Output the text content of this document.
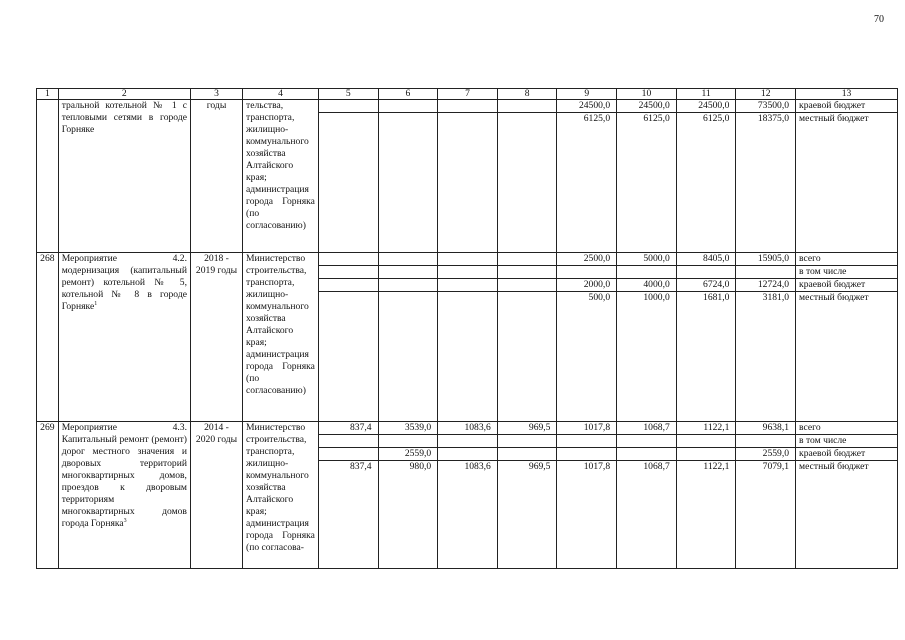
70
1	2	3	4	5	6	7	8	9	10	11	12	13
	тральной котельной № 1 с тепловыми сетями в городе Горняке	годы	тельства, транспорта, жилищно-коммунального хозяйства Алтайского края; администрация города Горняка (по согласованию)					24500,0	24500,0	24500,0	73500,0	краевой бюджет
								6125,0	6125,0	6125,0	18375,0	местный бюджет
268	Мероприятие 4.2. модернизация (капитальный ремонт) котельной № 5, котельной № 8 в городе Горняке$^1$	2018 - 2019 годы	Министерство строительства, транспорта, жилищно-коммунального хозяйства Алтайского края; администрация города Горняка (по согласованию)					2500,0	5000,0	8405,0	15905,0	всего
												в том числе
								2000,0	4000,0	6724,0	12724,0	краевой бюджет
								500,0	1000,0	1681,0	3181,0	местный бюджет
269	Мероприятие 4.3. Капитальный ремонт (ремонт) дорог местного значения и дворовых территорий многоквартирных домов, проездов к дворовым территориям многоквартирных домов города Горняка$^3$	2014 - 2020 годы	Министерство строительства, транспорта, жилищно-коммунального хозяйства Алтайского края; администрация города Горняка (по согласова-	837,4	3539,0	1083,6	969,5	1017,8	1068,7	1122,1	9638,1	всего
												в том числе
					2559,0						2559,0	краевой бюджет
				837,4	980,0	1083,6	969,5	1017,8	1068,7	1122,1	7079,1	местный бюджет
